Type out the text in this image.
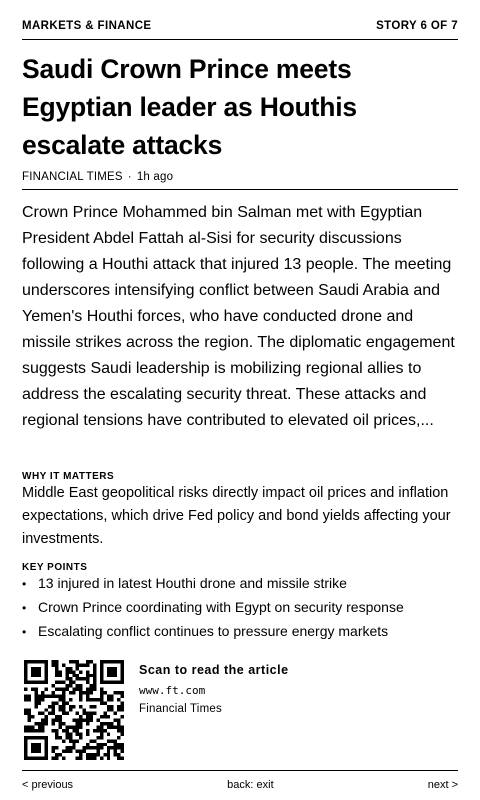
MARKETS & FINANCE	STORY 6 OF 7
Saudi Crown Prince meets Egyptian leader as Houthis escalate attacks
FINANCIAL TIMES · 1h ago

Crown Prince Mohammed bin Salman met with Egyptian President Abdel Fattah al-Sisi for security discussions following a Houthi attack that injured 13 people. The meeting underscores intensifying conflict between Saudi Arabia and Yemen's Houthi forces, who have conducted drone and missile strikes across the region. The diplomatic engagement suggests Saudi leadership is mobilizing regional allies to address the escalating security threat. These attacks and regional tensions have contributed to elevated oil prices,...

WHY IT MATTERS

Middle East geopolitical risks directly impact oil prices and inflation expectations, which drive Fed policy and bond yields affecting your investments.

KEY POINTS
• 13 injured in latest Houthi drone and missile strike
• Crown Prince coordinating with Egypt on security response
• Escalating conflict continues to pressure energy markets
Scan to read the article
www.ft.com
Financial Times
< previous	back: exit	next >
